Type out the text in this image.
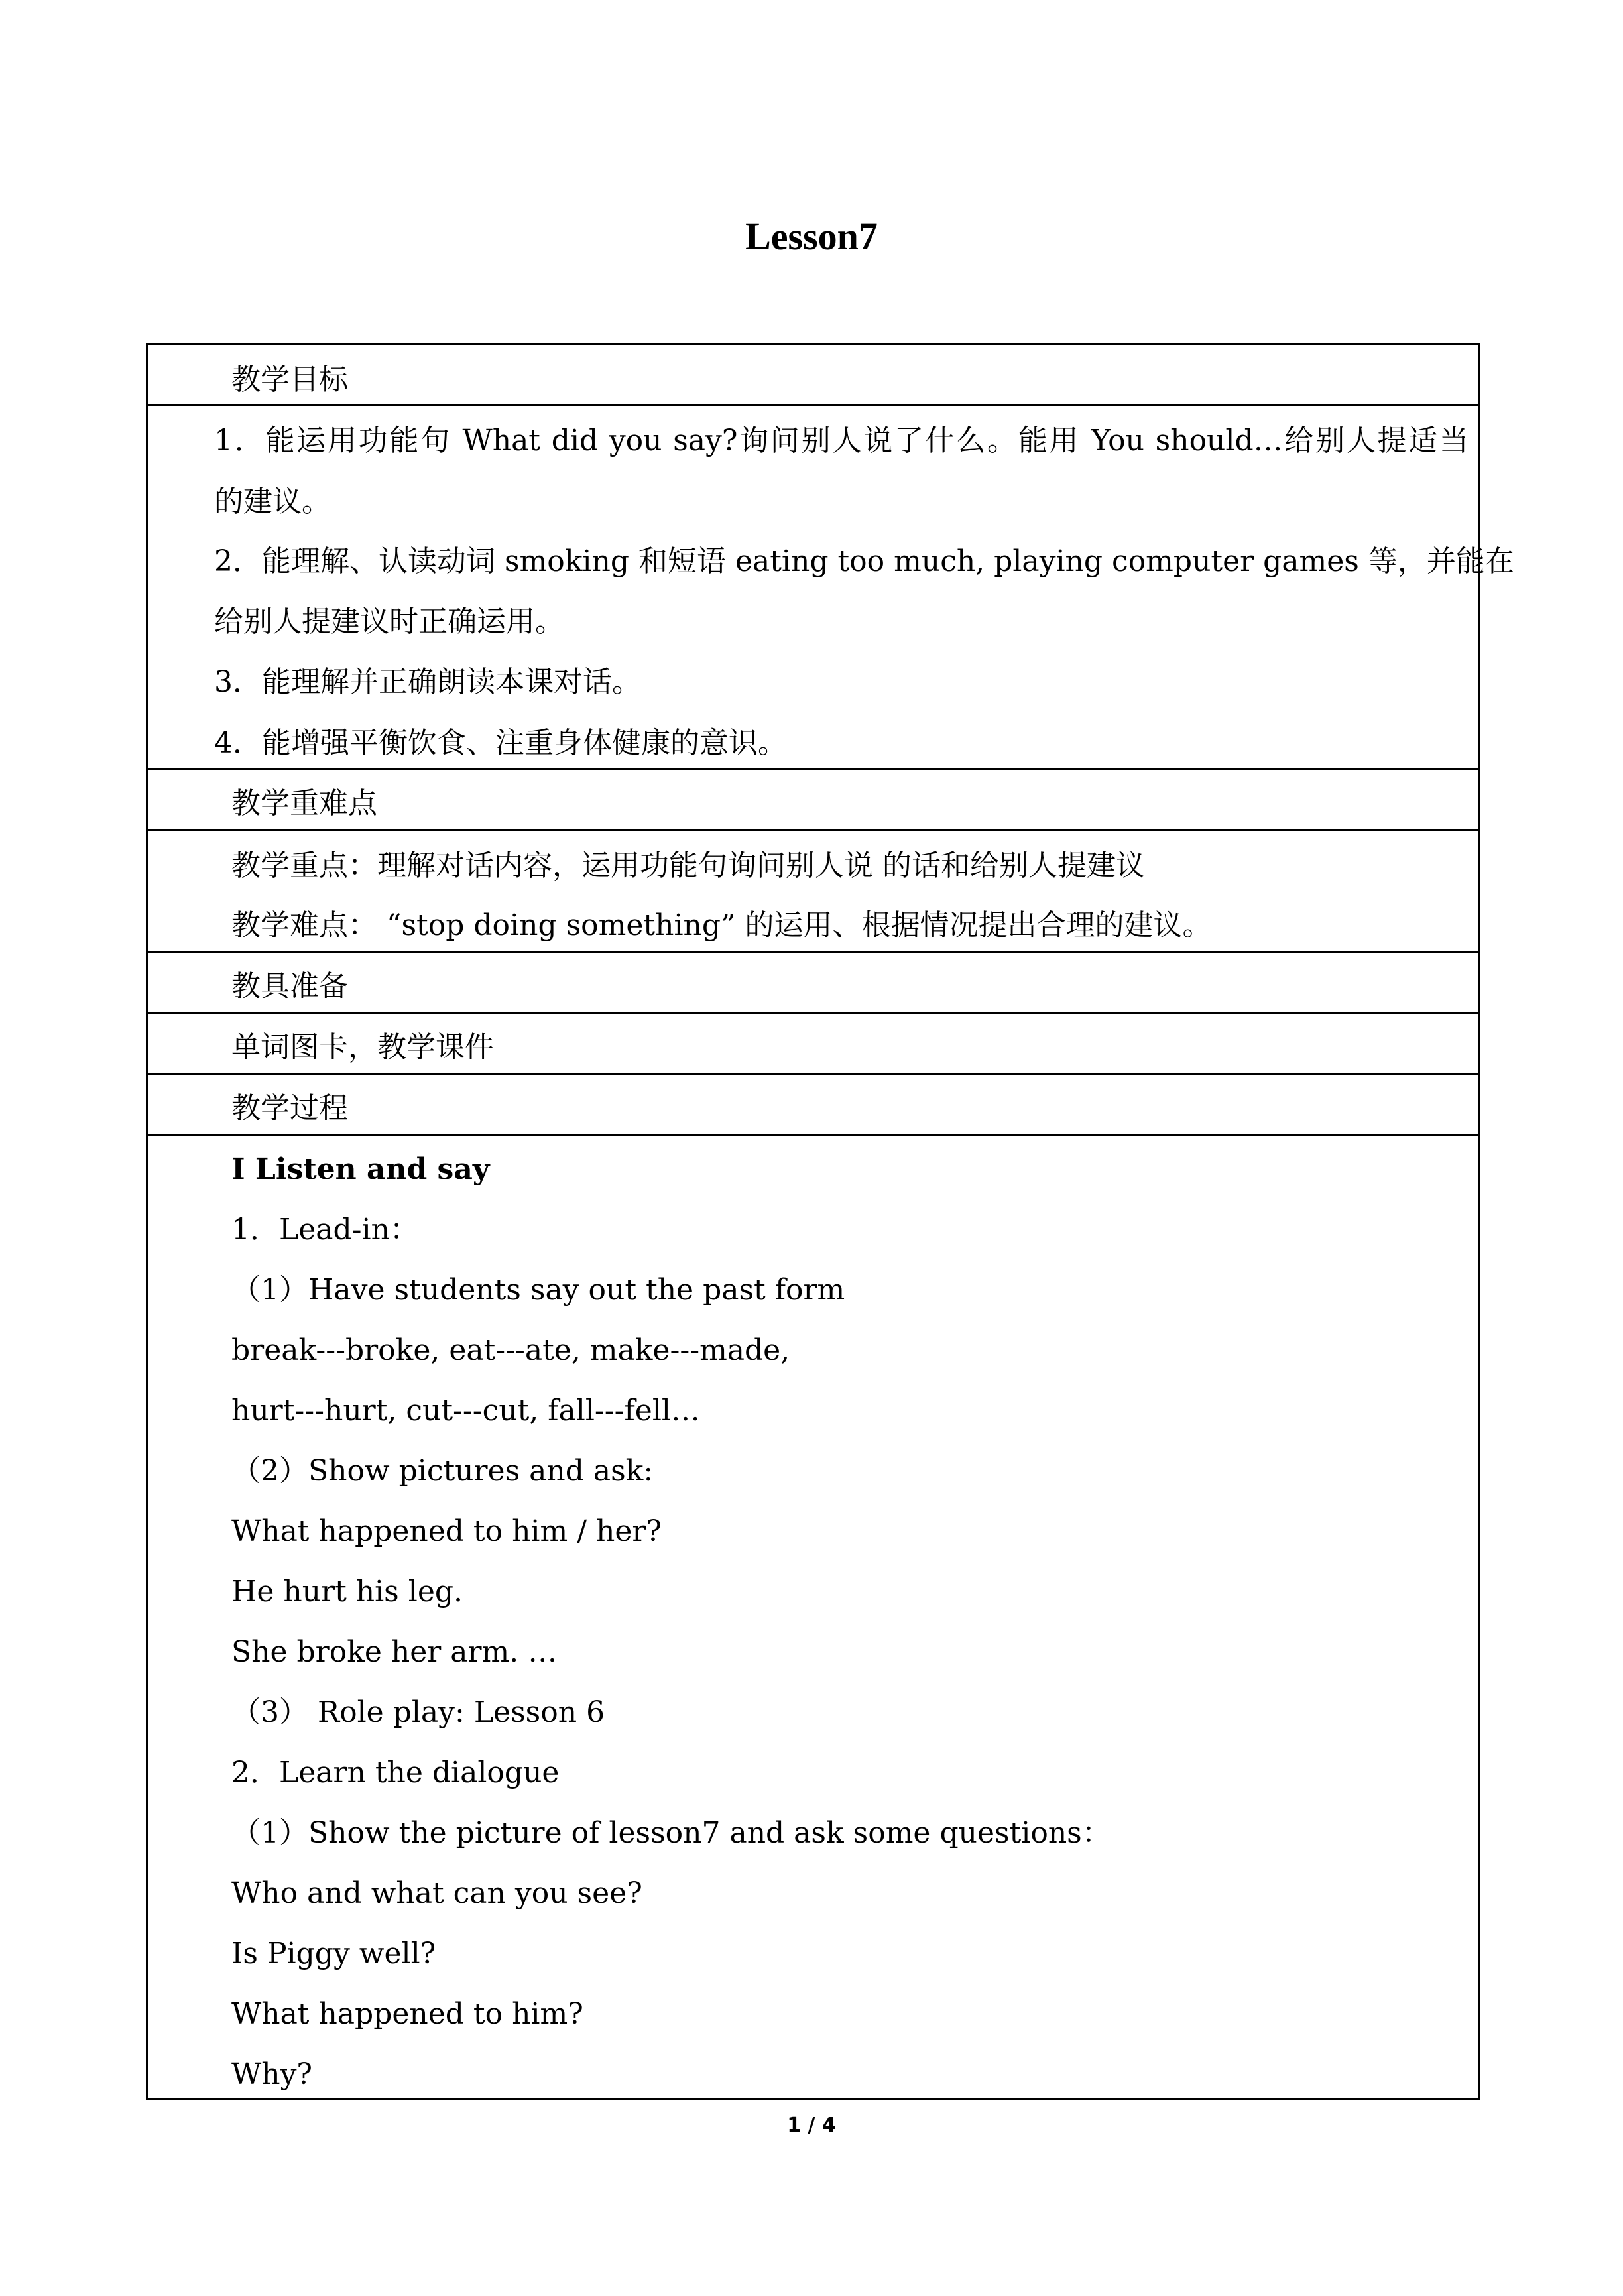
Lesson7
教学目标
1．能运用功能句 What did you say?询问别人说了什么。能用 You should…给别人提适当
的建议。
2．能理解、认读动词 smoking 和短语 eating too much, playing computer games 等，并能在
给别人提建议时正确运用。
3．能理解并正确朗读本课对话。
4．能增强平衡饮食、注重身体健康的意识。
教学重难点
教学重点：理解对话内容，运用功能句询问别人说 的话和给别人提建议
教学难点： “stop doing something” 的运用、根据情况提出合理的建议。
教具准备
单词图卡，教学课件
教学过程
Ⅰ Listen and say
1．Lead-in：
（1）Have students say out the past form
break---broke, eat---ate, make---made,
hurt---hurt, cut---cut, fall---fell…
（2）Show pictures and ask:
What happened to him / her?
He hurt his leg.
She broke her arm. …
（3） Role play: Lesson 6
2．Learn the dialogue
（1）Show the picture of lesson7 and ask some questions：
Who and what can you see?
Is Piggy well?
What happened to him?
Why?
1 / 4
